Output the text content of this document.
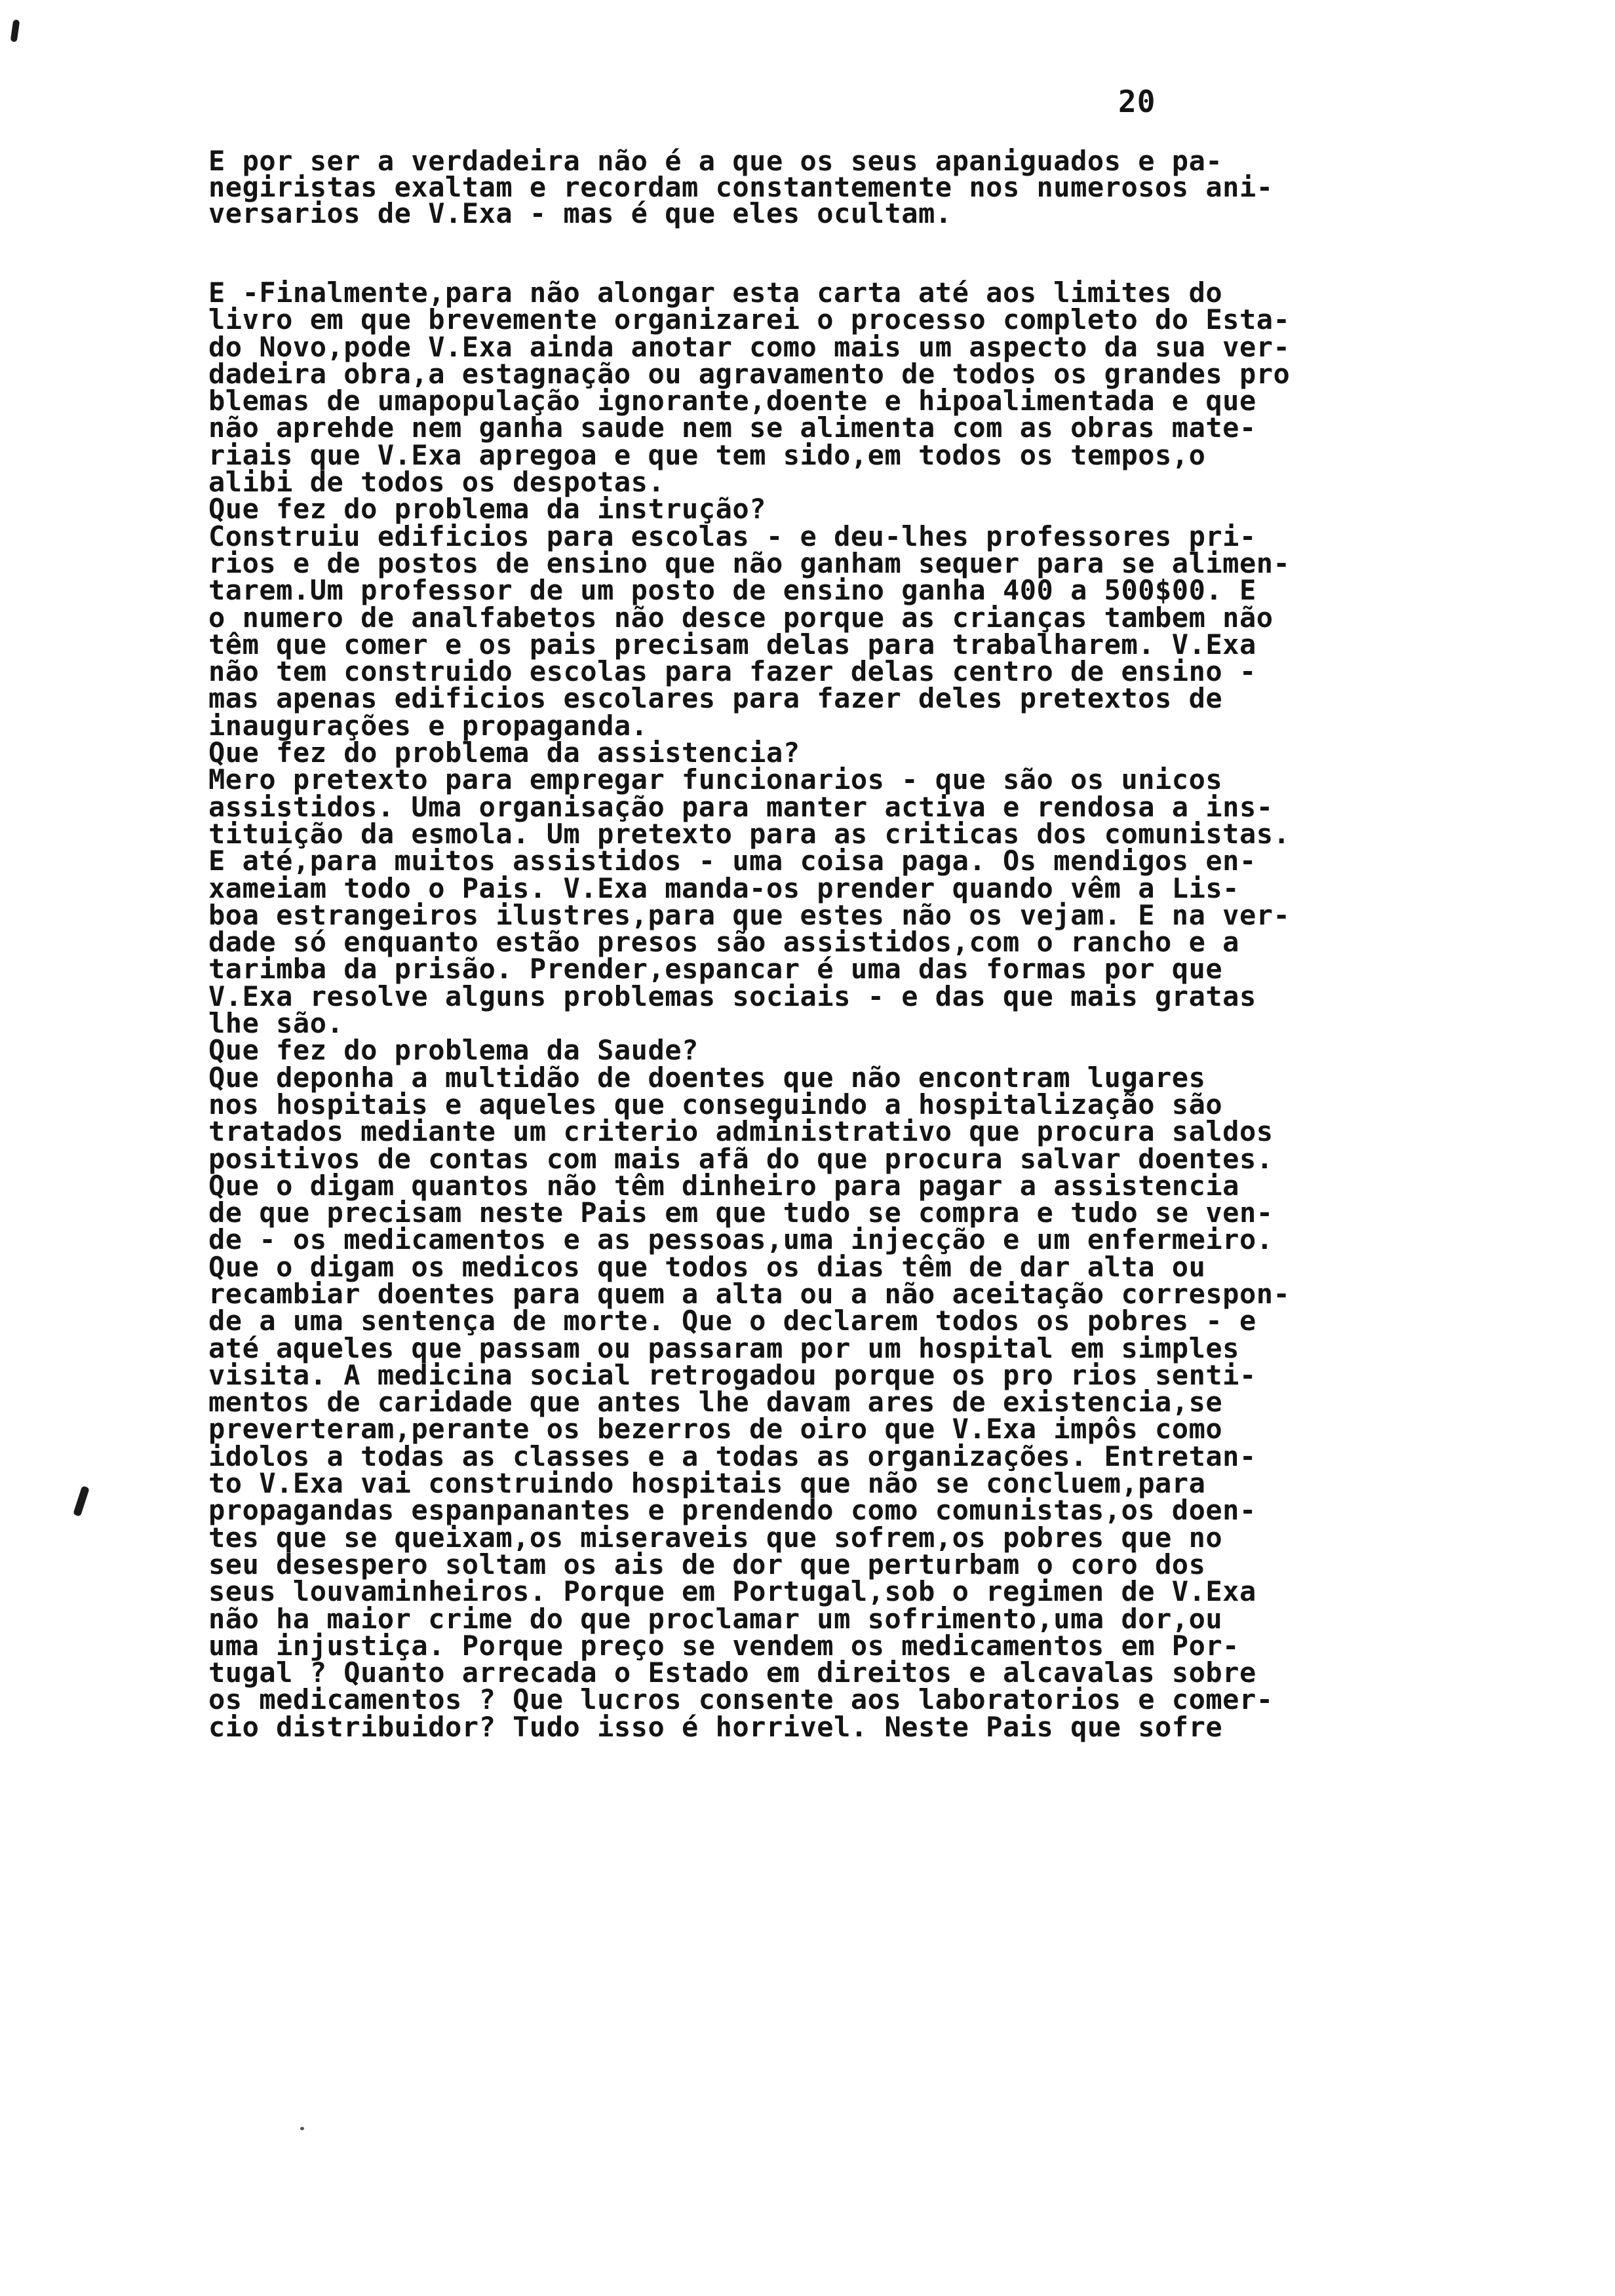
20
E por ser a verdadeira não é a que os seus apaniguados e pa-
negiristas exaltam e recordam constantemente nos numerosos ani-
versarios de V.Exa - mas é que eles ocultam.
E -Finalmente,para não alongar esta carta até aos limites do
livro em que brevemente organizarei o processo completo do Esta-
do Novo,pode V.Exa ainda anotar como mais um aspecto da sua ver-
dadeira obra,a estagnação ou agravamento de todos os grandes pro
blemas de umapopulação ignorante,doente e hipoalimentada e que
não aprehde nem ganha saude nem se alimenta com as obras mate-
riais que V.Exa apregoa e que tem sido,em todos os tempos,o
alibi de todos os despotas.
Que fez do problema da instrução?
Construiu edificios para escolas - e deu-lhes professores pri-
rios e de postos de ensino que não ganham sequer para se alimen-
tarem.Um professor de um posto de ensino ganha 400 a 500$00. E
o numero de analfabetos não desce porque as crianças tambem não
têm que comer e os pais precisam delas para trabalharem. V.Exa
não tem construido escolas para fazer delas centro de ensino -
mas apenas edificios escolares para fazer deles pretextos de
inaugurações e propaganda.
Que fez do problema da assistencia?
Mero pretexto para empregar funcionarios - que são os unicos
assistidos. Uma organisação para manter activa e rendosa a ins-
tituição da esmola. Um pretexto para as criticas dos comunistas.
E até,para muitos assistidos - uma coisa paga. Os mendigos en-
xameiam todo o Pais. V.Exa manda-os prender quando vêm a Lis-
boa estrangeiros ilustres,para que estes não os vejam. E na ver-
dade só enquanto estão presos são assistidos,com o rancho e a
tarimba da prisão. Prender,espancar é uma das formas por que
V.Exa resolve alguns problemas sociais - e das que mais gratas
lhe são.
Que fez do problema da Saude?
Que deponha a multidão de doentes que não encontram lugares
nos hospitais e aqueles que conseguindo a hospitalização são
tratados mediante um criterio administrativo que procura saldos
positivos de contas com mais afã do que procura salvar doentes.
Que o digam quantos não têm dinheiro para pagar a assistencia
de que precisam neste Pais em que tudo se compra e tudo se ven-
de - os medicamentos e as pessoas,uma injecção e um enfermeiro.
Que o digam os medicos que todos os dias têm de dar alta ou
recambiar doentes para quem a alta ou a não aceitação correspon-
de a uma sentença de morte. Que o declarem todos os pobres - e
até aqueles que passam ou passaram por um hospital em simples
visita. A medicina social retrogadou porque os pro rios senti-
mentos de caridade que antes lhe davam ares de existencia,se
preverteram,perante os bezerros de oiro que V.Exa impôs como
idolos a todas as classes e a todas as organizações. Entretan-
to V.Exa vai construindo hospitais que não se concluem,para
propagandas espanpanantes e prendendo como comunistas,os doen-
tes que se queixam,os miseraveis que sofrem,os pobres que no
seu desespero soltam os ais de dor que perturbam o coro dos
seus louvaminheiros. Porque em Portugal,sob o regimen de V.Exa
não ha maior crime do que proclamar um sofrimento,uma dor,ou
uma injustiça. Porque preço se vendem os medicamentos em Por-
tugal ? Quanto arrecada o Estado em direitos e alcavalas sobre
os medicamentos ? Que lucros consente aos laboratorios e comer-
cio distribuidor? Tudo isso é horrivel. Neste Pais que sofre
